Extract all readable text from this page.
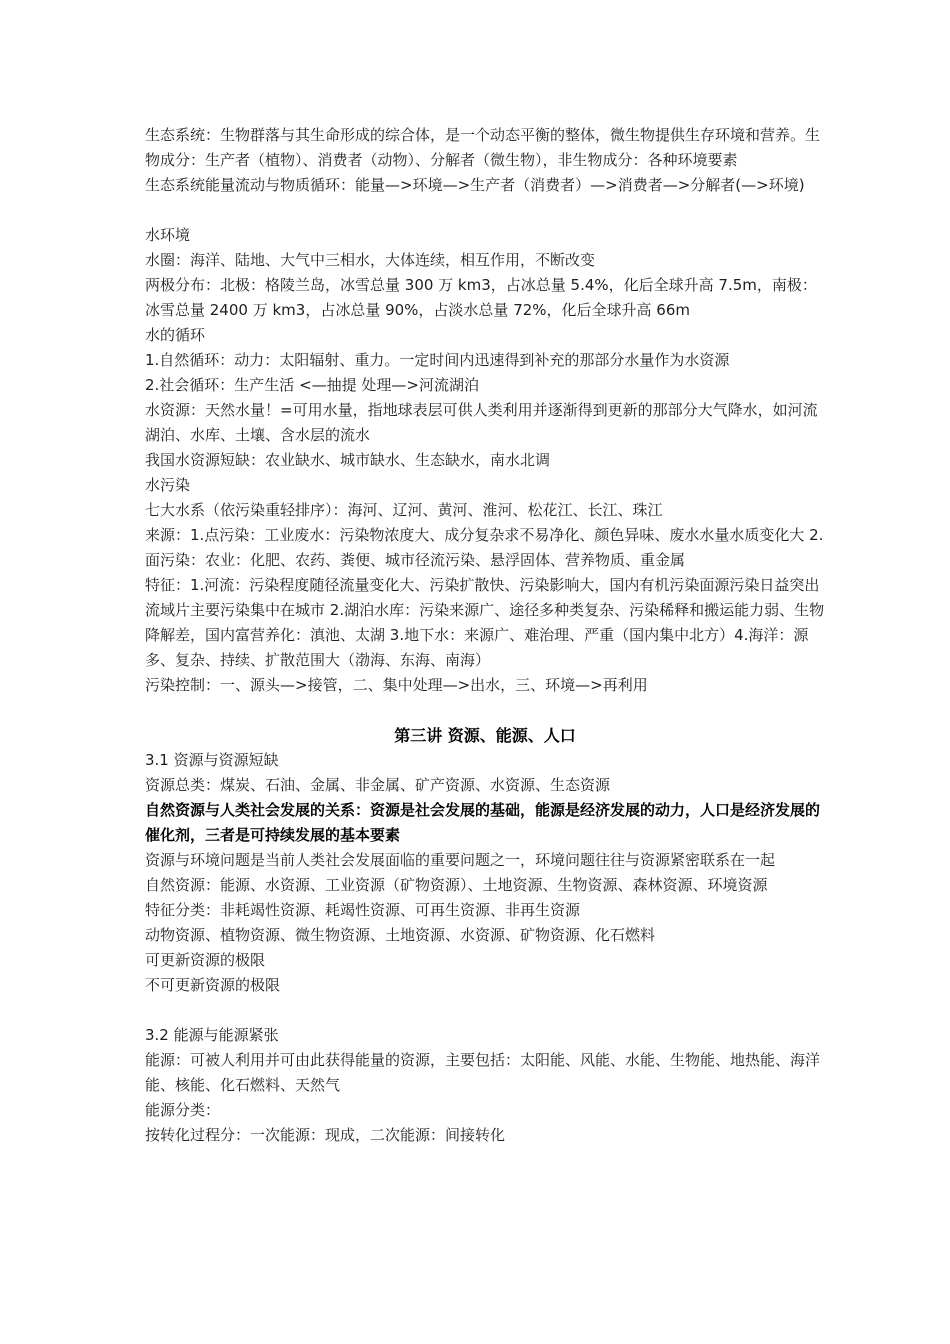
生态系统：生物群落与其生命形成的综合体，是一个动态平衡的整体，微生物提供生存环境和营养。生物成分：生产者（植物）、消费者（动物）、分解者（微生物），非生物成分：各种环境要素

生态系统能量流动与物质循环：能量—>环境—>生产者（消费者）—>消费者—>分解者(—>环境)

水环境

水圈：海洋、陆地、大气中三相水，大体连续，相互作用，不断改变

两极分布：北极：格陵兰岛，冰雪总量 300 万 km3，占冰总量 5.4%，化后全球升高 7.5m，南极：冰雪总量 2400 万 km3，占冰总量 90%，占淡水总量 72%，化后全球升高 66m

水的循环

1.自然循环：动力：太阳辐射、重力。一定时间内迅速得到补充的那部分水量作为水资源

2.社会循环：生产生活 <—抽提 处理—>河流湖泊

水资源：天然水量！=可用水量，指地球表层可供人类利用并逐渐得到更新的那部分大气降水，如河流湖泊、水库、土壤、含水层的流水

我国水资源短缺：农业缺水、城市缺水、生态缺水，南水北调

水污染

七大水系（依污染重轻排序）：海河、辽河、黄河、淮河、松花江、长江、珠江

来源：1.点污染：工业废水：污染物浓度大、成分复杂求不易净化、颜色异味、废水水量水质变化大 2.面污染：农业：化肥、农药、粪便、城市径流污染、悬浮固体、营养物质、重金属

特征：1.河流：污染程度随径流量变化大、污染扩散快、污染影响大，国内有机污染面源污染日益突出流域片主要污染集中在城市 2.湖泊水库：污染来源广、途径多种类复杂、污染稀释和搬运能力弱、生物降解差，国内富营养化：滇池、太湖 3.地下水：来源广、难治理、严重（国内集中北方）4.海洋：源多、复杂、持续、扩散范围大（渤海、东海、南海）

污染控制：一、源头—>接管，二、集中处理—>出水，三、环境—>再利用

第三讲 资源、能源、人口

3.1 资源与资源短缺

资源总类：煤炭、石油、金属、非金属、矿产资源、水资源、生态资源

自然资源与人类社会发展的关系：资源是社会发展的基础，能源是经济发展的动力，人口是经济发展的催化剂，三者是可持续发展的基本要素

资源与环境问题是当前人类社会发展面临的重要问题之一，环境问题往往与资源紧密联系在一起

自然资源：能源、水资源、工业资源（矿物资源）、土地资源、生物资源、森林资源、环境资源

特征分类：非耗竭性资源、耗竭性资源、可再生资源、非再生资源

动物资源、植物资源、微生物资源、土地资源、水资源、矿物资源、化石燃料

可更新资源的极限

不可更新资源的极限

3.2 能源与能源紧张

能源：可被人利用并可由此获得能量的资源，主要包括：太阳能、风能、水能、生物能、地热能、海洋能、核能、化石燃料、天然气

能源分类：

按转化过程分：一次能源：现成，二次能源：间接转化
